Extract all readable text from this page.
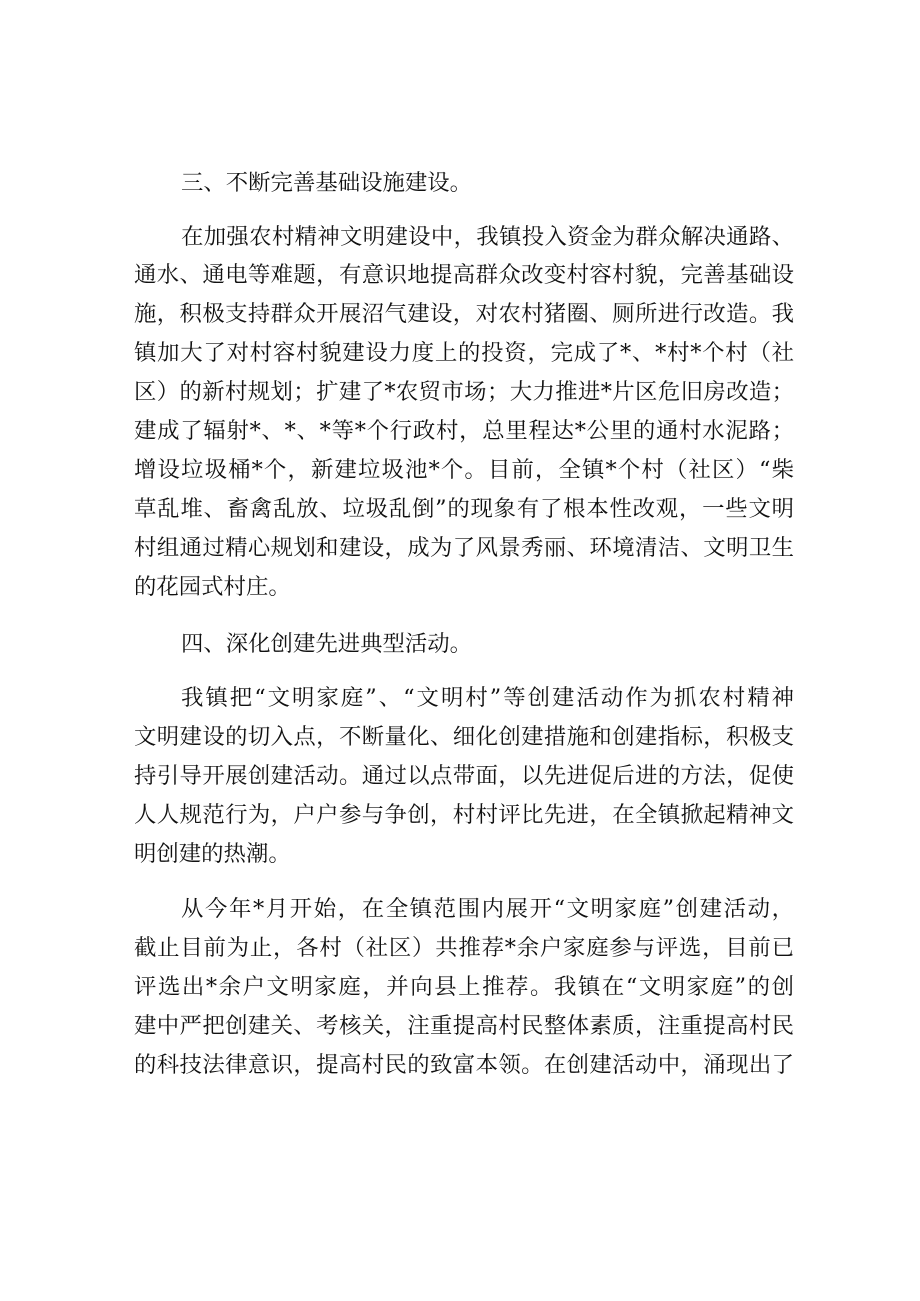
三、不断完善基础设施建设。
在加强农村精神文明建设中，我镇投入资金为群众解决通路、
通水、通电等难题，有意识地提高群众改变村容村貌，完善基础设
施，积极支持群众开展沼气建设，对农村猪圈、厕所进行改造。我
镇加大了对村容村貌建设力度上的投资，完成了*、*村*个村（社
区）的新村规划；扩建了*农贸市场；大力推进*片区危旧房改造；
建成了辐射*、*、*等*个行政村，总里程达*公里的通村水泥路；
增设垃圾桶*个，新建垃圾池*个。目前，全镇*个村（社区）“柴
草乱堆、畜禽乱放、垃圾乱倒”的现象有了根本性改观，一些文明
村组通过精心规划和建设，成为了风景秀丽、环境清洁、文明卫生
的花园式村庄。
四、深化创建先进典型活动。
我镇把“文明家庭”、“文明村”等创建活动作为抓农村精神
文明建设的切入点，不断量化、细化创建措施和创建指标，积极支
持引导开展创建活动。通过以点带面，以先进促后进的方法，促使
人人规范行为，户户参与争创，村村评比先进，在全镇掀起精神文
明创建的热潮。
从今年*月开始，在全镇范围内展开“文明家庭”创建活动，
截止目前为止，各村（社区）共推荐*余户家庭参与评选，目前已
评选出*余户文明家庭，并向县上推荐。我镇在“文明家庭”的创
建中严把创建关、考核关，注重提高村民整体素质，注重提高村民
的科技法律意识，提高村民的致富本领。在创建活动中，涌现出了
